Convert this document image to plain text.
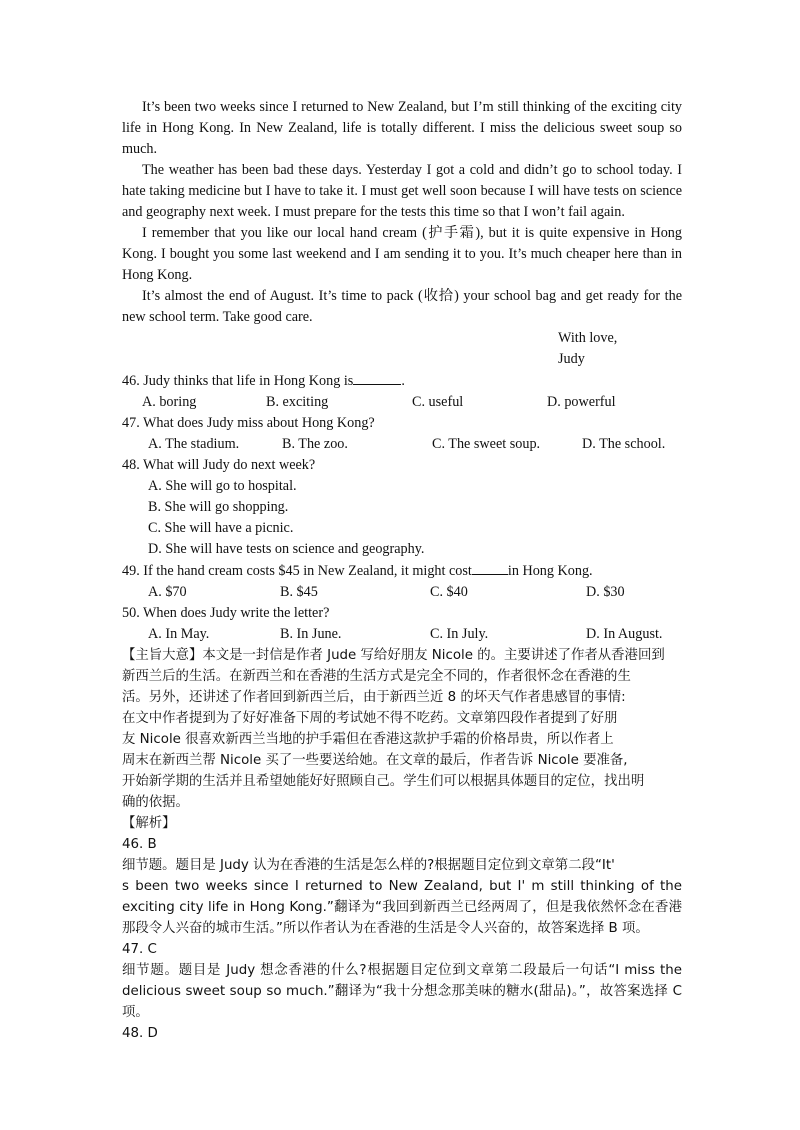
It’s been two weeks since I returned to New Zealand, but I’m still thinking of the exciting city life in Hong Kong. In New Zealand, life is totally different. I miss the delicious sweet soup so much.

The weather has been bad these days. Yesterday I got a cold and didn’t go to school today. I hate taking medicine but I have to take it. I must get well soon because I will have tests on science and geography next week. I must prepare for the tests this time so that I won’t fail again.

I remember that you like our local hand cream (护手霜), but it is quite expensive in Hong Kong. I bought you some last weekend and I am sending it to you. It’s much cheaper here than in Hong Kong.

It’s almost the end of August. It’s time to pack (收拾) your school bag and get ready for the new school term. Take good care.

With love,

Judy

46. Judy thinks that life in Hong Kong is	.

A. boring	B. exciting	C. useful	D. powerful

47. What does Judy miss about Hong Kong?

A. The stadium.	B. The zoo.	C. The sweet soup.	D. The school.

48. What will Judy do next week?

A. She will go to hospital.

B. She will go shopping.

C. She will have a picnic.

D. She will have tests on science and geography.

49. If the hand cream costs $45 in New Zealand, it might cost	in Hong Kong.

A. $70	B. $45	C. $40	D. $30

50. When does Judy write the letter?

A. In May.	B. In June.	C. In July.	D. In August.

【主旨大意】本文是一封信是作者 Jude 写给好朋友 Nicole 的。主要讲述了作者从香港回到

新西兰后的生活。在新西兰和在香港的生活方式是完全不同的，作者很怀念在香港的生

活。另外，还讲述了作者回到新西兰后，由于新西兰近 8 的坏天气作者患感冒的事情:

在文中作者提到为了好好准备下周的考试她不得不吃药。文章第四段作者提到了好朋

友 Nicole 很喜欢新西兰当地的护手霜但在香港这款护手霜的价格昂贵，所以作者上

周末在新西兰帮 Nicole 买了一些要送给她。在文章的最后，作者告诉 Nicole 要准备,

开始新学期的生活并且希望她能好好照顾自己。学生们可以根据具体题目的定位，找出明

确的依据。

【解析】

46. B

细节题。题目是 Judy 认为在香港的生活是怎么样的?根据题目定位到文章第二段“It'

s been two weeks since I returned to New Zealand, but I' m still thinking of the exciting city life in Hong Kong.”翻译为“我回到新西兰已经两周了，但是我依然怀念在香港那段令人兴奋的城市生活。”所以作者认为在香港的生活是令人兴奋的，故答案选择 B 项。

47. C

细节题。题目是 Judy 想念香港的什么?根据题目定位到文章第二段最后一句话“I miss the delicious sweet soup so much.”翻译为“我十分想念那美味的糖水(甜品)。”，故答案选择 C 项。

48. D
